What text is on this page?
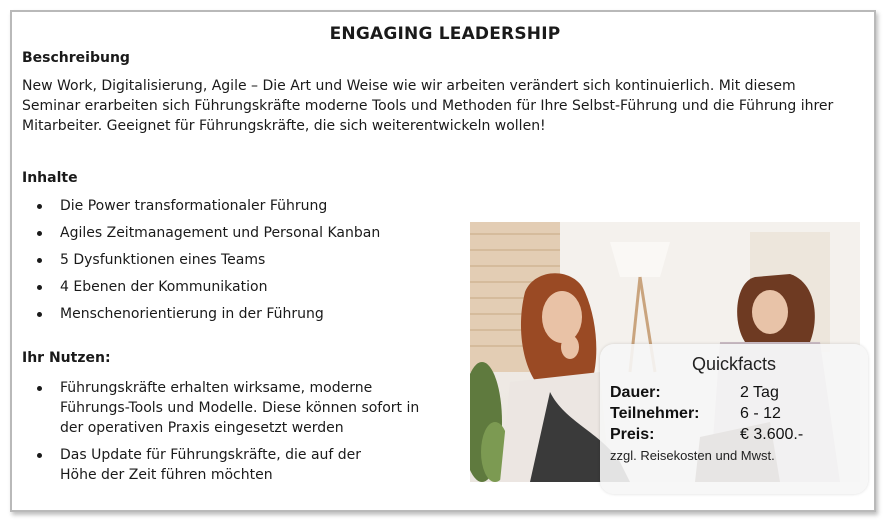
ENGAGING LEADERSHIP
Beschreibung
New Work, Digitalisierung, Agile – Die Art und Weise wie wir arbeiten verändert sich kontinuierlich. Mit diesem Seminar erarbeiten sich Führungskräfte moderne Tools und Methoden für Ihre Selbst-Führung und die Führung ihrer Mitarbeiter. Geeignet für Führungskräfte, die sich weiterentwickeln wollen!
Inhalte
Die Power transformationaler Führung
Agiles Zeitmanagement und Personal Kanban
5 Dysfunktionen eines Teams
4 Ebenen der Kommunikation
Menschenorientierung in der Führung
Ihr Nutzen:
Führungskräfte erhalten wirksame, moderne Führungs-Tools und Modelle. Diese können sofort in der operativen Praxis eingesetzt werden
Das Update für Führungskräfte, die auf der Höhe der Zeit führen möchten
Quickfacts
Dauer:	2 Tag
Teilnehmer:	6 - 12
Preis:	€ 3.600.-
zzgl. Reisekosten und Mwst.
